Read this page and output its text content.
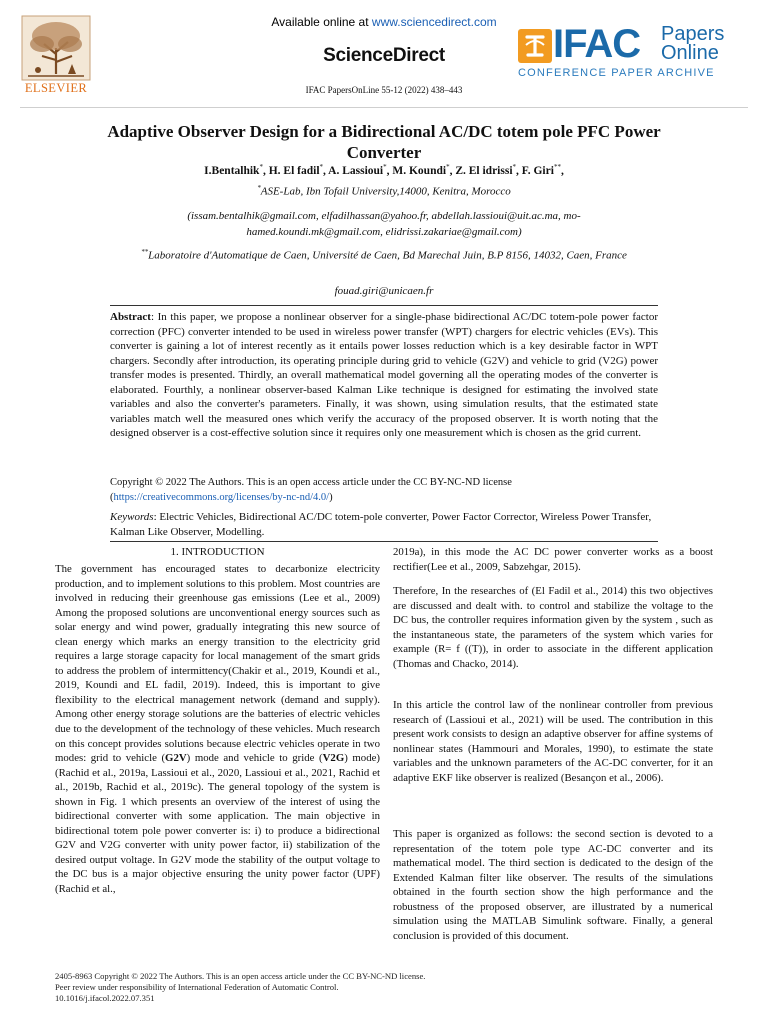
ELSEVIER
Available online at www.sciencedirect.com
ScienceDirect
IFAC PapersOnLine 55-12 (2022) 438–443
IFAC Papers
Online
CONFERENCE PAPER ARCHIVE
Adaptive Observer Design for a Bidirectional AC/DC totem pole PFC Power Converter
I.Bentalhik*, H. El fadil*, A. Lassioui*, M. Koundi*, Z. El idrissi*, F. Giri**,
*ASE-Lab, Ibn Tofail University,14000, Kenitra, Morocco
(issam.bentalhik@gmail.com, elfadilhassan@yahoo.fr, abdellah.lassioui@uit.ac.ma, mo-hamed.koundi.mk@gmail.com, elidrissi.zakariae@gmail.com)
**Laboratoire d'Automatique de Caen, Université de Caen, Bd Marechal Juin, B.P 8156, 14032, Caen, France
fouad.giri@unicaen.fr
Abstract: In this paper, we propose a nonlinear observer for a single-phase bidirectional AC/DC totem-pole power factor correction (PFC) converter intended to be used in wireless power transfer (WPT) chargers for electric vehicles (EVs). This converter is gaining a lot of interest recently as it entails power losses reduction which is a key desirable factor in WPT chargers. Secondly after introduction, its operating principle during grid to vehicle (G2V) and vehicle to grid (V2G) power transfer modes is presented. Thirdly, an overall mathematical model governing all the operating modes of the converter is elaborated. Fourthly, a nonlinear observer-based Kalman Like technique is designed for estimating the involved state variables and also the converter's parameters. Finally, it was shown, using simulation results, that the estimated state variables match well the measured ones which verify the accuracy of the proposed observer. It is worth noting that the designed observer is a cost-effective solution since it requires only one measurement which is chosen as the grid current.
Copyright © 2022 The Authors. This is an open access article under the CC BY-NC-ND license
(https://creativecommons.org/licenses/by-nc-nd/4.0/)
Keywords: Electric Vehicles, Bidirectional AC/DC totem-pole converter, Power Factor Corrector, Wireless Power Transfer, Kalman Like Observer, Modelling.
1. INTRODUCTION
The government has encouraged states to decarbonize electricity production, and to implement solutions to this problem. Most countries are involved in reducing their greenhouse gas emissions (Lee et al., 2009) Among the proposed solutions are unconventional energy sources such as solar energy and wind power, gradually integrating this new source of clean energy which marks an energy transition to the electricity grid requires a large storage capacity for local management of the smart grids to address the problem of intermittency(Chakir et al., 2019, Koundi et al., 2019, Koundi and EL fadil, 2019). Indeed, this is important to give flexibility to the electrical management network (demand and supply). Among other energy storage solutions are the batteries of electric vehicles due to the development of the technology of these vehicles. Much research on this concept provides solutions because electric vehicles operate in two modes: grid to vehicle (G2V) mode and vehicle to gride (V2G) mode)(Rachid et al., 2019a, Lassioui et al., 2020, Lassioui et al., 2021, Rachid et al., 2019b, Rachid et al., 2019c). The general topology of the system is shown in Fig. 1 which presents an overview of the interest of using the bidirectional converter with some application. The main objective in bidirectional totem pole power converter is: i) to produce a bidirectional G2V and V2G converter with unity power factor, ii) stabilization of the desired output voltage. In G2V mode the stability of the output voltage to the DC bus is a major objective ensuring the unity power factor (UPF) (Rachid et al.,
2019a), in this mode the AC DC power converter works as a boost rectifier(Lee et al., 2009, Sabzehgar, 2015).
Therefore, In the researches of (El Fadil et al., 2014) this two objectives are discussed and dealt with. to control and stabilize the voltage to the DC bus, the controller requires information given by the system , such as the instantaneous state, the parameters of the system which varies for example (R= f ((T)), in order to associate in the different application (Thomas and Chacko, 2014).
In this article the control law of the nonlinear controller from previous research of (Lassioui et al., 2021) will be used. The contribution in this present work consists to design an adaptive observer for affine systems of nonlinear states (Hammouri and Morales, 1990), to estimate the state variables and the unknown parameters of the AC-DC converter, for it an adaptive EKF like observer is realized (Besançon et al., 2006).
This paper is organized as follows: the second section is devoted to a representation of the totem pole type AC-DC converter and its mathematical model. The third section is dedicated to the design of the Extended Kalman filter like observer. The results of the simulations obtained in the fourth section show the high performance and the robustness of the proposed observer, are illustrated by a numerical simulation using the MATLAB Simulink software. Finally, a general conclusion is provided of this document.
2405-8963 Copyright © 2022 The Authors. This is an open access article under the CC BY-NC-ND license.
Peer review under responsibility of International Federation of Automatic Control.
10.1016/j.ifacol.2022.07.351
